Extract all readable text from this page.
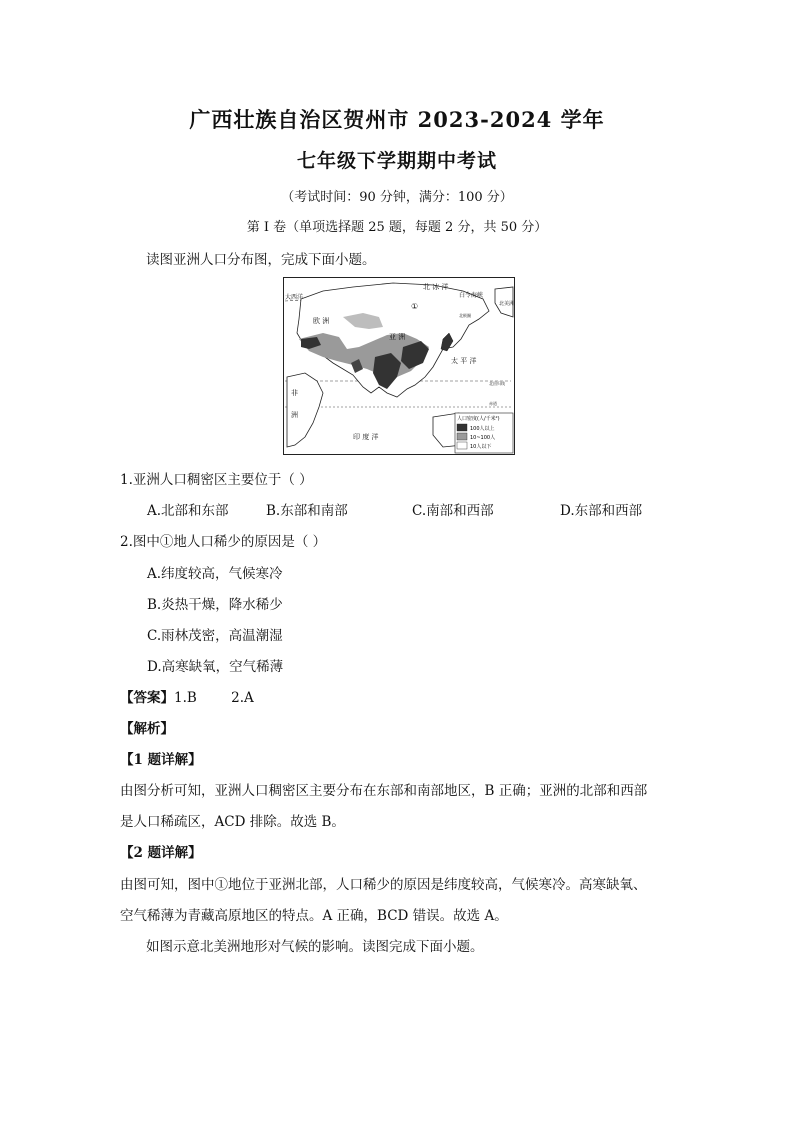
广西壮族自治区贺州市 2023-2024 学年
七年级下学期期中考试
（考试时间：90 分钟，满分：100 分）
第 I 卷（单项选择题 25 题，每题 2 分，共 50 分）
读图亚洲人口分布图，完成下面小题。
人口密度(人/千米²)
100人以上
10~100人
10人以下
北 冰 洋
白令海峡
北美洲
大西洋
欧 洲
亚 洲
太 平 洋
非
洲
印 度 洋
①
北极圈
北回归线
赤道
1.亚洲人口稠密区主要位于（ ）
A.北部和东部	B.东部和南部	C.南部和西部	D.东部和西部
2.图中①地人口稀少的原因是（ ）
A.纬度较高，气候寒冷
B.炎热干燥，降水稀少
C.雨林茂密，高温潮湿
D.高寒缺氧，空气稀薄
【答案】1.B        2.A
【解析】
【1 题详解】
由图分析可知，亚洲人口稠密区主要分布在东部和南部地区，B 正确；亚洲的北部和西部
是人口稀疏区，ACD 排除。故选 B。
【2 题详解】
由图可知，图中①地位于亚洲北部，人口稀少的原因是纬度较高，气候寒冷。高寒缺氧、
空气稀薄为青藏高原地区的特点。A 正确，BCD 错误。故选 A。
如图示意北美洲地形对气候的影响。读图完成下面小题。
